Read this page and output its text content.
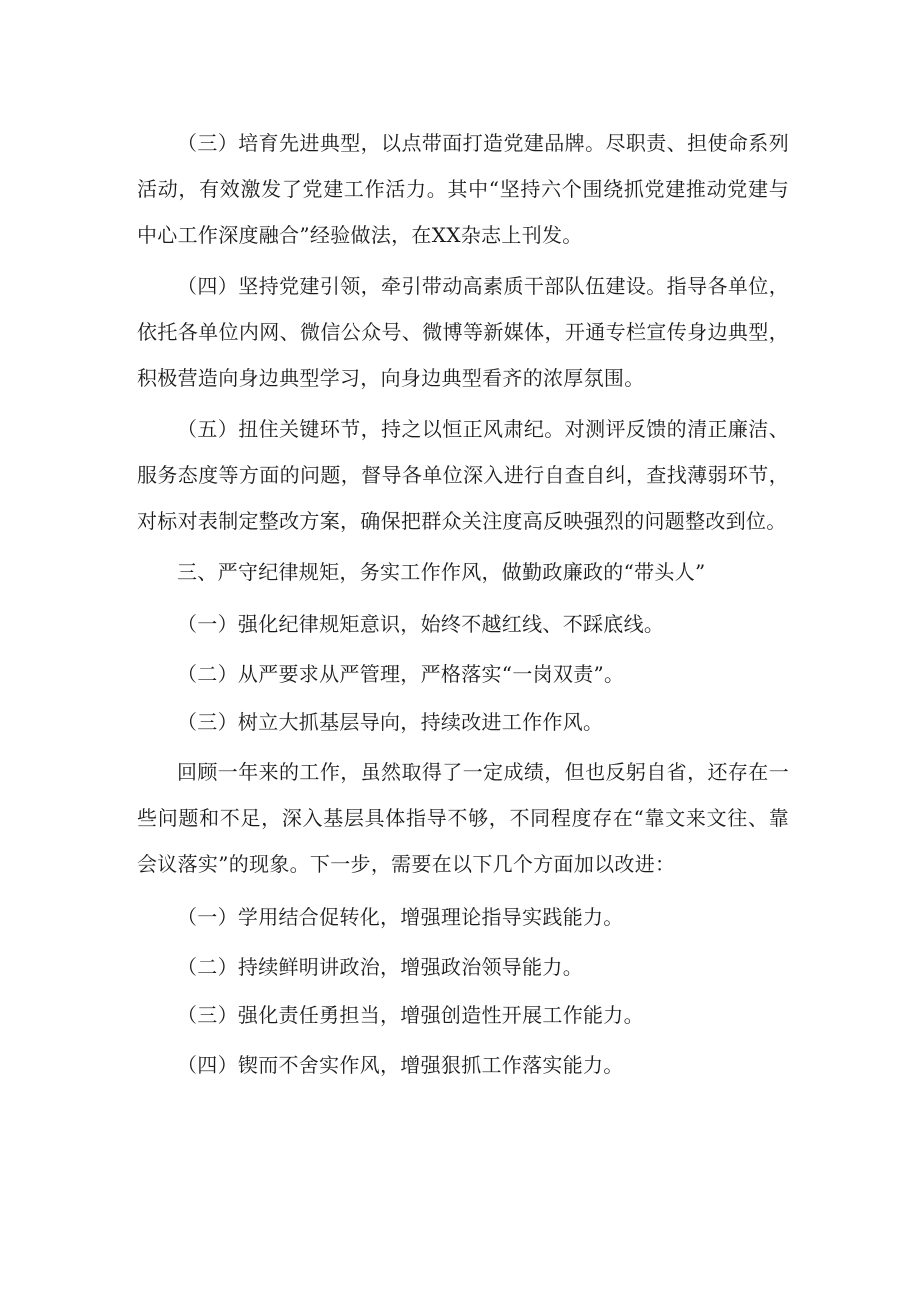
（三）培育先进典型，以点带面打造党建品牌。尽职责、担使命系列活动，有效激发了党建工作活力。其中“坚持六个围绕抓党建推动党建与中心工作深度融合”经验做法，在XX杂志上刊发。

（四）坚持党建引领，牵引带动高素质干部队伍建设。指导各单位，依托各单位内网、微信公众号、微博等新媒体，开通专栏宣传身边典型，积极营造向身边典型学习，向身边典型看齐的浓厚氛围。

（五）扭住关键环节，持之以恒正风肃纪。对测评反馈的清正廉洁、服务态度等方面的问题，督导各单位深入进行自查自纠，查找薄弱环节，对标对表制定整改方案，确保把群众关注度高反映强烈的问题整改到位。

三、严守纪律规矩，务实工作作风，做勤政廉政的“带头人”

（一）强化纪律规矩意识，始终不越红线、不踩底线。

（二）从严要求从严管理，严格落实“一岗双责”。

（三）树立大抓基层导向，持续改进工作作风。

回顾一年来的工作，虽然取得了一定成绩，但也反躬自省，还存在一些问题和不足，深入基层具体指导不够，不同程度存在“靠文来文往、靠会议落实”的现象。下一步，需要在以下几个方面加以改进：

（一）学用结合促转化，增强理论指导实践能力。

（二）持续鲜明讲政治，增强政治领导能力。

（三）强化责任勇担当，增强创造性开展工作能力。

（四）锲而不舍实作风，增强狠抓工作落实能力。
